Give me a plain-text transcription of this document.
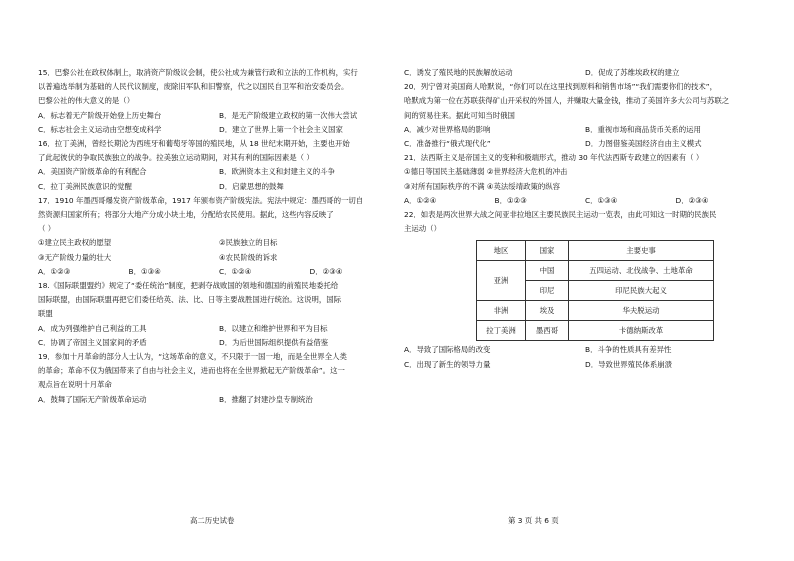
15．巴黎公社在政权体制上，取消资产阶级议会制，使公社成为兼管行政和立法的工作机构，实行

以普遍选举制为基础的人民代议制度，废除旧军队和旧警察，代之以国民自卫军和治安委员会。

巴黎公社的伟大意义的是（）

A．标志着无产阶级开始登上历史舞台	B．是无产阶级建立政权的第一次伟大尝试
C．标志社会主义运动由空想变成科学	D．建立了世界上第一个社会主义国家

16．拉丁美洲，曾经长期沦为西班牙和葡萄牙等国的殖民地，从 18 世纪末期开始，主要也开始

了此起彼伏的争取民族独立的战争。拉美独立运动期间，对其有利的国际因素是（ ）

A．美国资产阶级革命的有利配合	B．欧洲资本主义和封建主义的斗争
C．拉丁美洲民族意识的觉醒	D．启蒙思想的鼓舞

17．1910 年墨西哥爆发资产阶级革命，1917 年颁布资产阶级宪法。宪法中规定：墨西哥的一切自

然资源归国家所有；将部分大地产分成小块土地，分配给农民使用。据此，这些内容反映了

（ ）

①建立民主政权的愿望	②民族独立的目标
③无产阶级力量的壮大	④农民阶级的诉求
A．①②③	B．①③④	C．①②④	D．②③④

18.《国际联盟盟约》规定了“委任统治”制度，把剥夺战败国的领地和德国的前殖民地委托给

国际联盟，由国际联盟再把它们委任给英、法、比、日等主要战胜国进行统治。这说明，国际

联盟

A．成为列强维护自己利益的工具	B．以建立和维护世界和平为目标
C．协调了帝国主义国家间的矛盾	D．为后世国际组织提供有益借鉴

19．参加十月革命的部分人士认为，“这场革命的意义，不只限于一国一地，而是全世界全人类

的革命；革命不仅为俄国带来了自由与社会主义，进而也将在全世界掀起无产阶级革命”。这一

观点旨在说明十月革命

A．鼓舞了国际无产阶级革命运动	B．推翻了封建沙皇专制统治
C．诱发了殖民地的民族解放运动	D．促成了苏维埃政权的建立

20．列宁曾对美国商人哈默说，“你们可以在这里找到原料和销售市场”“我们需要你们的技术”，

哈默成为第一位在苏联获得矿山开采权的外国人，并赚取大量金钱，推动了美国许多大公司与苏联之

间的贸易往来。据此可知当时俄国

A．减少对世界格局的影响	B．重视市场和商品货币关系的运用
C．准备推行“俄式现代化”	D．力图借鉴美国经济自由主义模式

21．法西斯主义是帝国主义的变种和极端形式，推动 30 年代法西斯专政建立的因素有（ ）

①德日等国民主基础薄弱 ②世界经济大危机的冲击

③对所有国际秩序的不满 ④英法绥靖政策的纵容

A．①②④	B．①②③	C．①③④	D．②③④

22．如表是两次世界大战之间亚非拉地区主要民族民主运动一览表，由此可知这一时期的民族民

主运动（）

地区	国家	主要史事
亚洲	中国	五四运动、北伐战争、土地革命
	印尼	印尼民族大起义
非洲	埃及	华夫脱运动
拉丁美洲	墨西哥	卡德纳斯改革
A．导致了国际格局的改变	B．斗争的性质具有差异性
C．出现了新生的领导力量	D．导致世界殖民体系崩溃
高二历史试卷	第 3 页 共 6 页
